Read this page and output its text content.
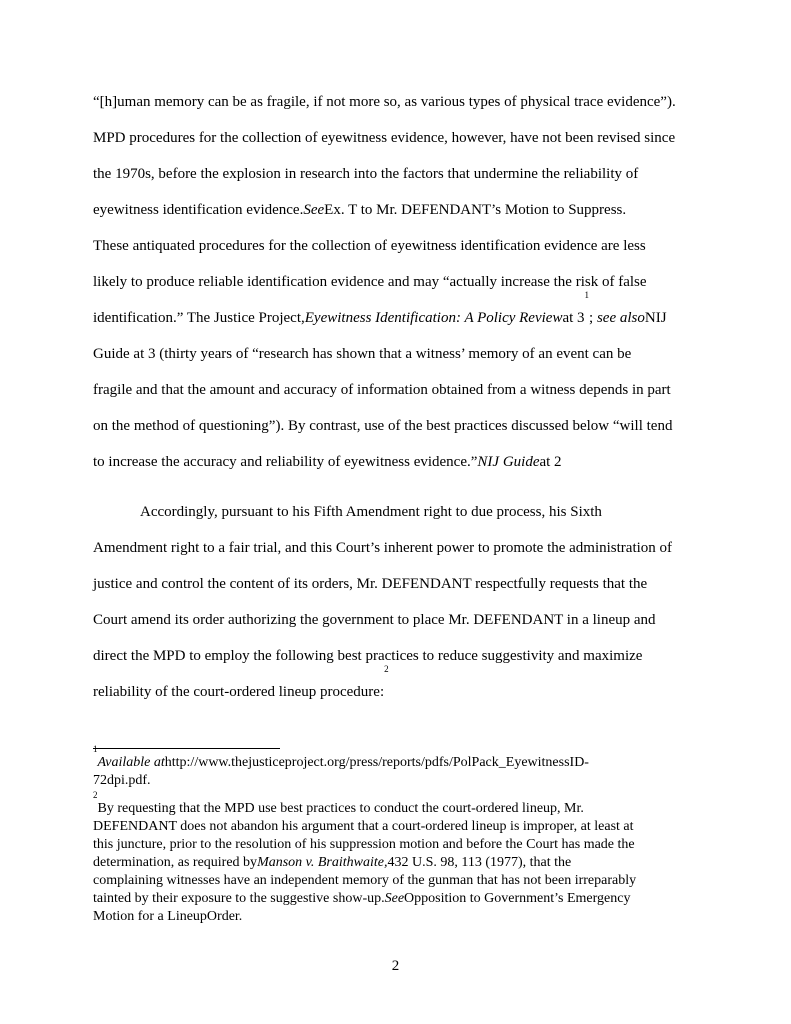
“[h]uman memory can be as fragile, if not more so, as various types of physical trace evidence”).
MPD procedures for the collection of eyewitness evidence, however, have not been revised since
the 1970s, before the explosion in research into the factors that undermine the reliability of
eyewitness identification evidence.SeeEx. T to Mr. DEFENDANT’s Motion to Suppress.
These antiquated procedures for the collection of eyewitness identification evidence are less
likely to produce reliable identification evidence and may “actually increase the risk of false
identification.” The Justice Project,Eyewitness Identification: A Policy Reviewat $3^1$; see alsoNIJ
Guide at 3 (thirty years of “research has shown that a witness’ memory of an event can be
fragile and that the amount and accuracy of information obtained from a witness depends in part
on the method of questioning”). By contrast, use of the best practices discussed below “will tend
to increase the accuracy and reliability of eyewitness evidence.”NIJ Guideat 2
Accordingly, pursuant to his Fifth Amendment right to due process, his Sixth
Amendment right to a fair trial, and this Court’s inherent power to promote the administration of
justice and control the content of its orders, Mr. DEFENDANT respectfully requests that the
Court amend its order authorizing the government to place Mr. DEFENDANT in a lineup and
direct the MPD to employ the following best practices to reduce suggestivity and maximize
reliability of the court-ordered lineup procedure:$^2$
$^1$Available athttp://www.thejusticeproject.org/press/reports/pdfs/PolPack_EyewitnessID-
72dpi.pdf.
$^2$By requesting that the MPD use best practices to conduct the court-ordered lineup, Mr.
DEFENDANT does not abandon his argument that a court-ordered lineup is improper, at least at
this juncture, prior to the resolution of his suppression motion and before the Court has made the
determination, as required byManson v. Braithwaite,432 U.S. 98, 113 (1977), that the
complaining witnesses have an independent memory of the gunman that has not been irreparably
tainted by their exposure to the suggestive show-up.SeeOpposition to Government’s Emergency
Motion for a LineupOrder.
2
